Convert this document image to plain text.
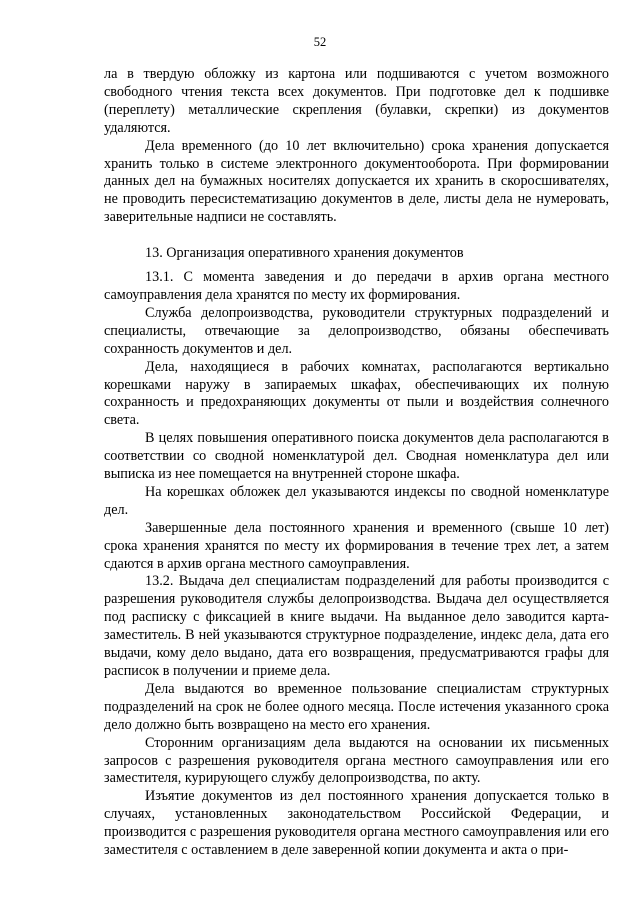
52

ла в твердую обложку из картона или подшиваются с учетом возможного свободного чтения текста всех документов. При подготовке дел к подшивке (переплету) металлические скрепления (булавки, скрепки) из документов удаляются.

Дела временного (до 10 лет включительно) срока хранения допускается хранить только в системе электронного документооборота. При формировании данных дел на бумажных носителях допускается их хранить в скоросшивателях, не проводить пересистематизацию документов в деле, листы дела не нумеровать, заверительные надписи не составлять.

13. Организация оперативного хранения документов

13.1. С момента заведения и до передачи в архив органа местного самоуправления дела хранятся по месту их формирования.

Служба делопроизводства, руководители структурных подразделений и специалисты, отвечающие за делопроизводство, обязаны обеспечивать сохранность документов и дел.

Дела, находящиеся в рабочих комнатах, располагаются вертикально корешками наружу в запираемых шкафах, обеспечивающих их полную сохранность и предохраняющих документы от пыли и воздействия солнечного света.

В целях повышения оперативного поиска документов дела располагаются в соответствии со сводной номенклатурой дел. Сводная номенклатура дел или выписка из нее помещается на внутренней стороне шкафа.

На корешках обложек дел указываются индексы по сводной номенклатуре дел.

Завершенные дела постоянного хранения и временного (свыше 10 лет) срока хранения хранятся по месту их формирования в течение трех лет, а затем сдаются в архив органа местного самоуправления.

13.2. Выдача дел специалистам подразделений для работы производится с разрешения руководителя службы делопроизводства. Выдача дел осуществляется под расписку с фиксацией в книге выдачи. На выданное дело заводится карта-заместитель. В ней указываются структурное подразделение, индекс дела, дата его выдачи, кому дело выдано, дата его возвращения, предусматриваются графы для расписок в получении и приеме дела.

Дела выдаются во временное пользование специалистам структурных подразделений на срок не более одного месяца. После истечения указанного срока дело должно быть возвращено на место его хранения.

Сторонним организациям дела выдаются на основании их письменных запросов с разрешения руководителя органа местного самоуправления или его заместителя, курирующего службу делопроизводства, по акту.

Изъятие документов из дел постоянного хранения допускается только в случаях, установленных законодательством Российской Федерации, и производится с разрешения руководителя органа местного самоуправления или его заместителя с оставлением в деле заверенной копии документа и акта о при-
